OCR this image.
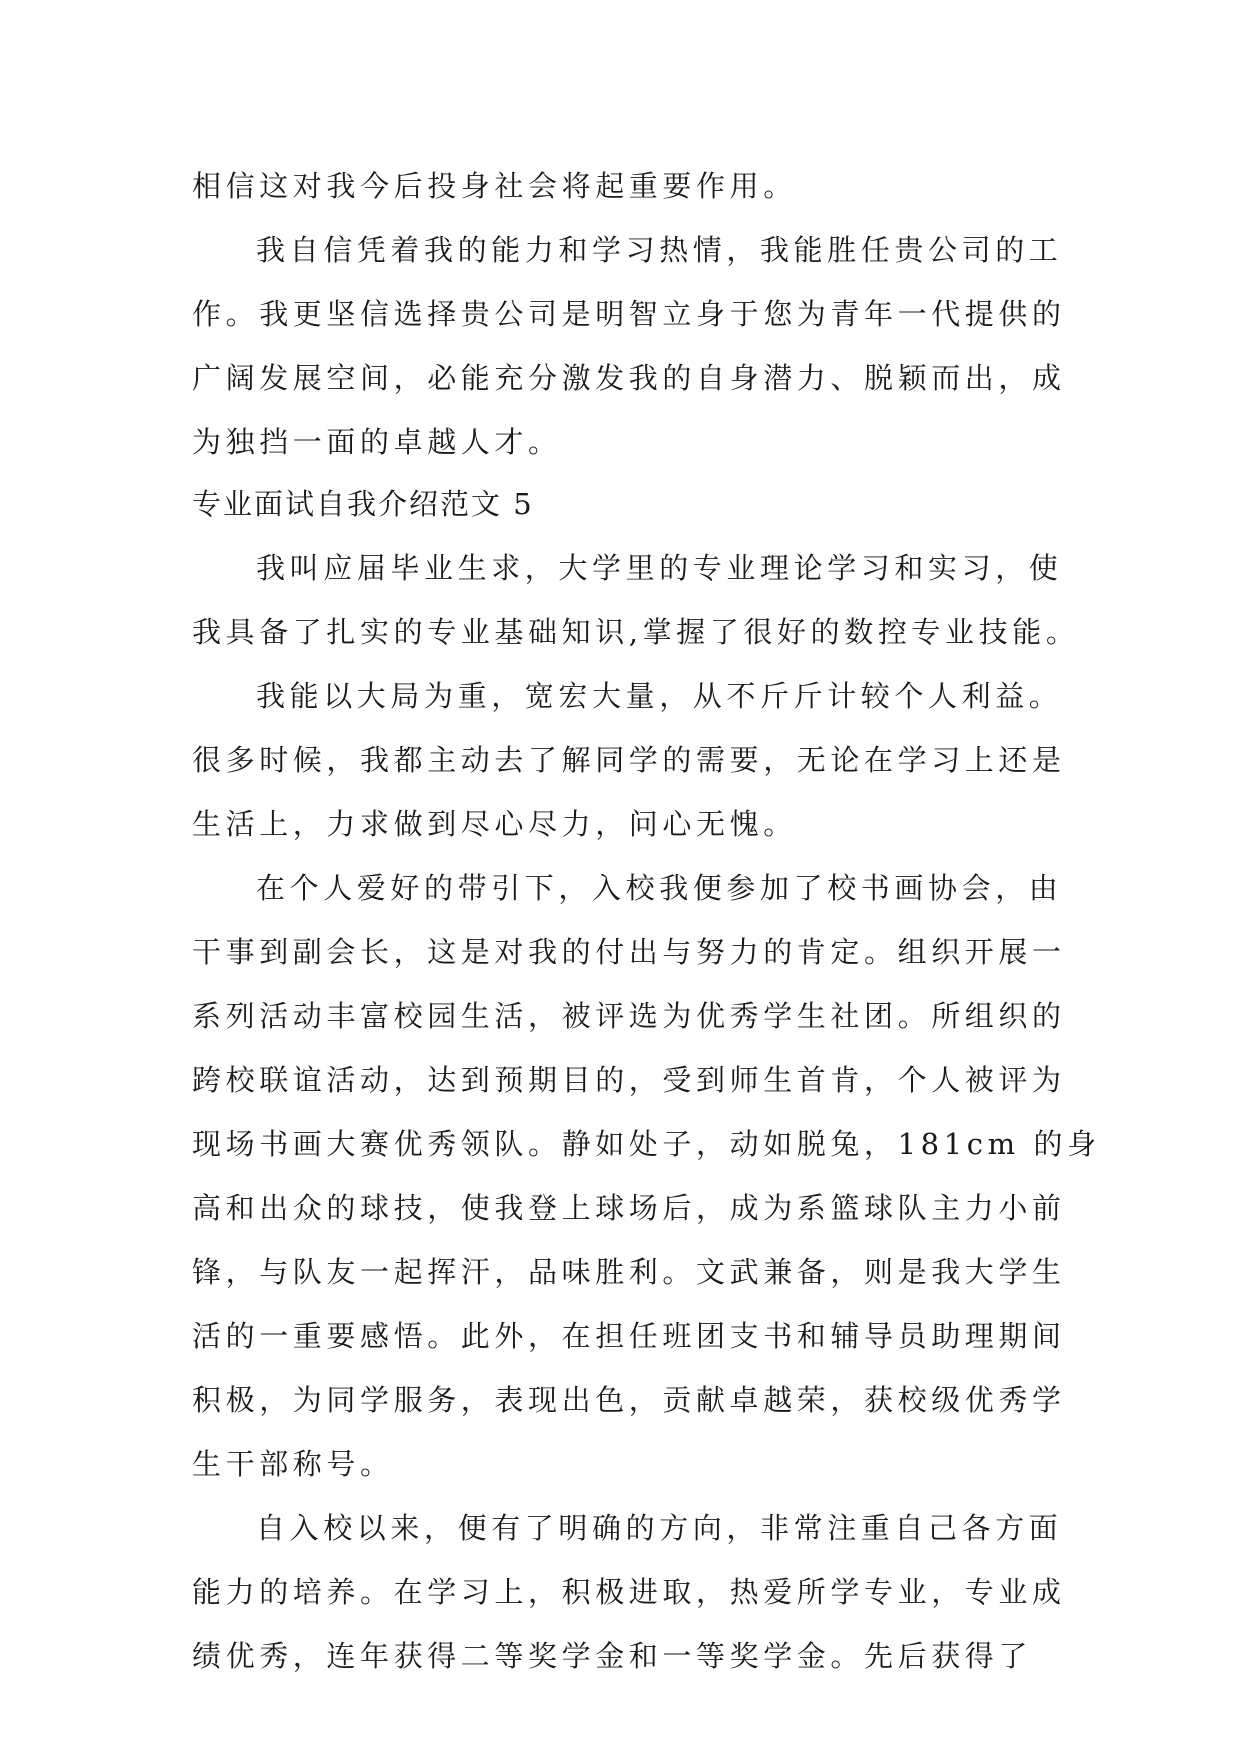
相信这对我今后投身社会将起重要作用。
我自信凭着我的能力和学习热情，我能胜任贵公司的工
作。我更坚信选择贵公司是明智立身于您为青年一代提供的
广阔发展空间，必能充分激发我的自身潜力、脱颖而出，成
为独挡一面的卓越人才。
专业面试自我介绍范文 5
我叫应届毕业生求，大学里的专业理论学习和实习，使
我具备了扎实的专业基础知识,掌握了很好的数控专业技能。
我能以大局为重，宽宏大量，从不斤斤计较个人利益。
很多时候，我都主动去了解同学的需要，无论在学习上还是
生活上，力求做到尽心尽力，问心无愧。
在个人爱好的带引下，入校我便参加了校书画协会，由
干事到副会长，这是对我的付出与努力的肯定。组织开展一
系列活动丰富校园生活，被评选为优秀学生社团。所组织的
跨校联谊活动，达到预期目的，受到师生首肯，个人被评为
现场书画大赛优秀领队。静如处子，动如脱兔，181cm 的身
高和出众的球技，使我登上球场后，成为系篮球队主力小前
锋，与队友一起挥汗，品味胜利。文武兼备，则是我大学生
活的一重要感悟。此外，在担任班团支书和辅导员助理期间
积极，为同学服务，表现出色，贡献卓越荣，获校级优秀学
生干部称号。
自入校以来，便有了明确的方向，非常注重自己各方面
能力的培养。在学习上，积极进取，热爱所学专业，专业成
绩优秀，连年获得二等奖学金和一等奖学金。先后获得了
